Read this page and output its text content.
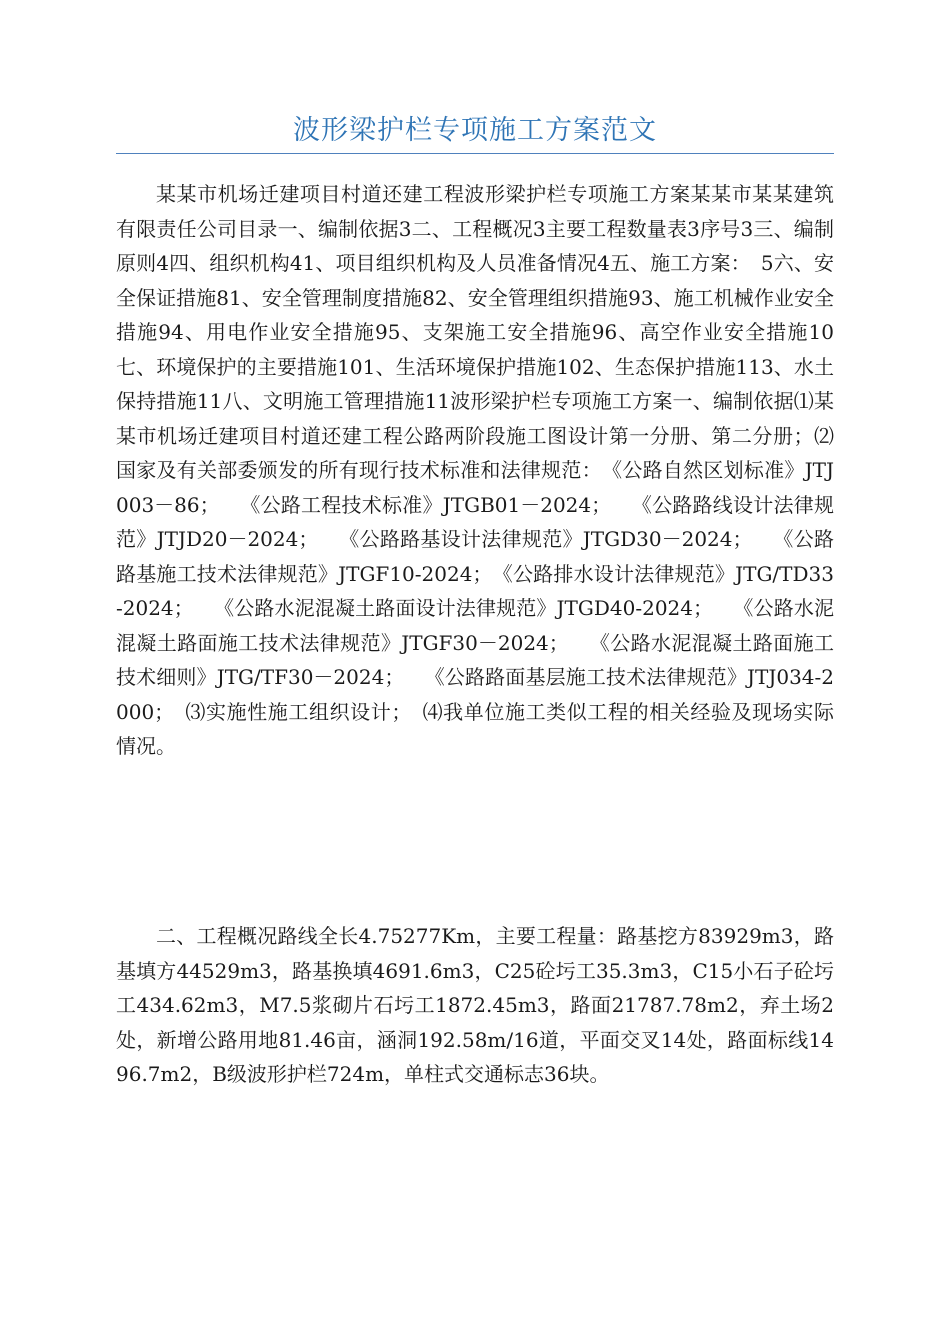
波形梁护栏专项施工方案范文

某某市机场迁建项目村道还建工程波形梁护栏专项施工方案某某市某某建筑有限责任公司目录一、编制依据3二、工程概况3主要工程数量表3序号3三、编制原则4四、组织机构41、项目组织机构及人员准备情况4五、施工方案：　5六、安全保证措施81、安全管理制度措施82、安全管理组织措施93、施工机械作业安全措施94、用电作业安全措施95、支架施工安全措施96、高空作业安全措施10七、环境保护的主要措施101、生活环境保护措施102、生态保护措施113、水土保持措施11八、文明施工管理措施11波形梁护栏专项施工方案一、编制依据⑴某某市机场迁建项目村道还建工程公路两阶段施工图设计第一分册、第二分册；⑵国家及有关部委颁发的所有现行技术标准和法律规范：　《公路自然区划标准》JTJ003－86；　　《公路工程技术标准》JTGB01－2024；　　《公路路线设计法律规范》JTJD20－2024；　　《公路路基设计法律规范》JTGD30－2024；　　《公路路基施工技术法律规范》JTGF10-2024；　《公路排水设计法律规范》JTG/TD33-2024；　　《公路水泥混凝土路面设计法律规范》JTGD40-2024；　　《公路水泥混凝土路面施工技术法律规范》JTGF30－2024；　　《公路水泥混凝土路面施工技术细则》JTG/TF30－2024；　　《公路路面基层施工技术法律规范》JTJ034-2000；　⑶实施性施工组织设计；　⑷我单位施工类似工程的相关经验及现场实际情况。

二、工程概况路线全长4.75277Km，主要工程量：路基挖方83929m3，路基填方44529m3，路基换填4691.6m3，C25砼圬工35.3m3，C15小石子砼圬工434.62m3，M7.5浆砌片石圬工1872.45m3，路面21787.78m2，弃土场2处，新增公路用地81.46亩，涵洞192.58m/16道，平面交叉14处，路面标线1496.7m2，B级波形护栏724m，单柱式交通标志36块。
